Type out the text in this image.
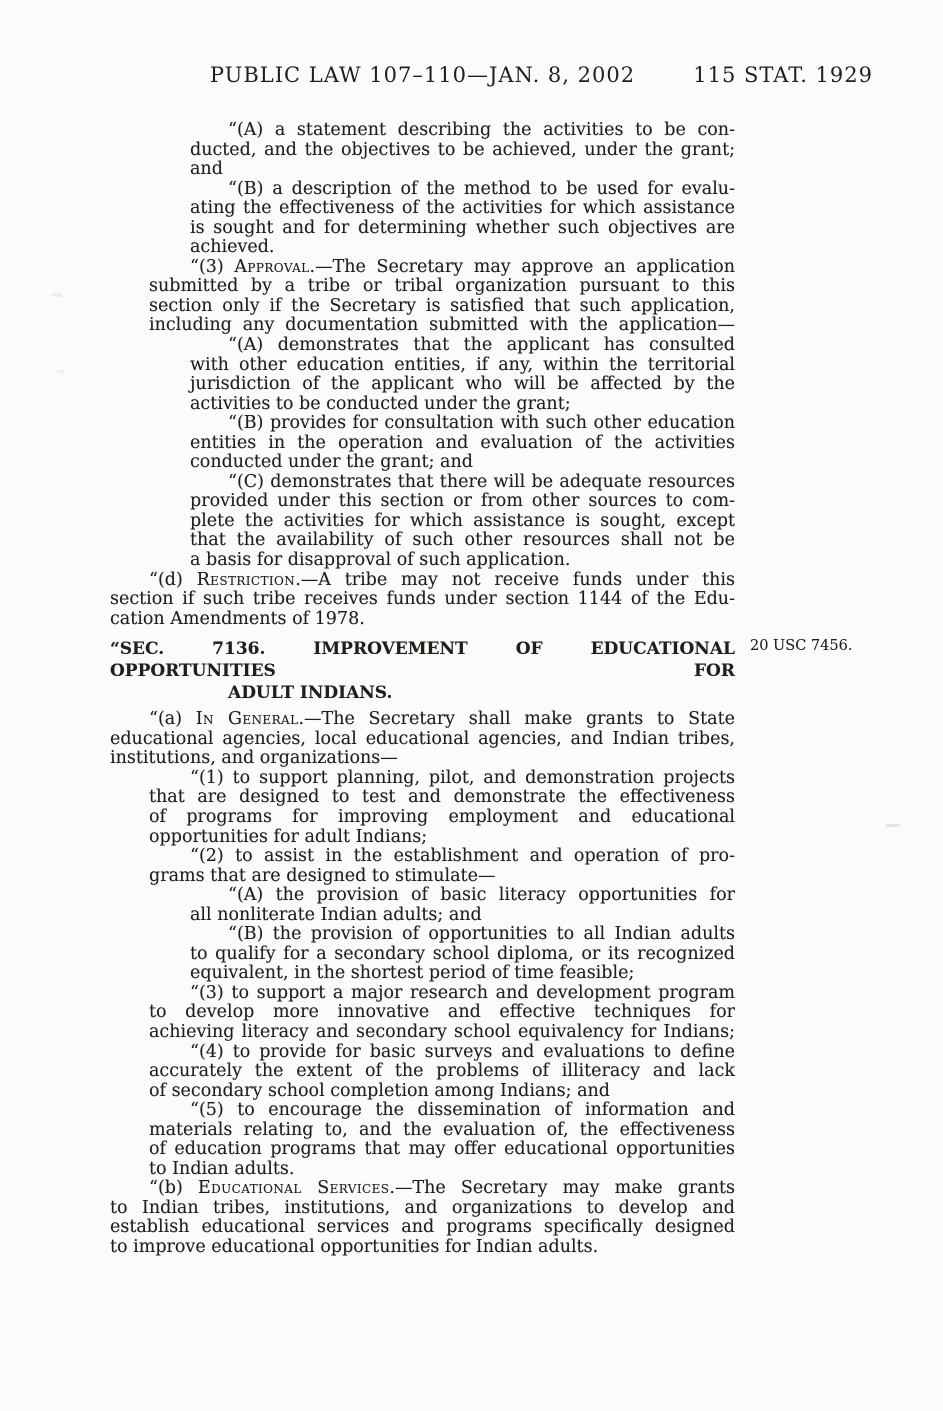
PUBLIC LAW 107–110—JAN. 8, 2002	115 STAT. 1929
“(A) a statement describing the activities to be con-
ducted, and the objectives to be achieved, under the grant;
and
“(B) a description of the method to be used for evalu-
ating the effectiveness of the activities for which assistance
is sought and for determining whether such objectives are
achieved.
“(3) Approval.—The Secretary may approve an application
submitted by a tribe or tribal organization pursuant to this
section only if the Secretary is satisfied that such application,
including any documentation submitted with the application—
“(A) demonstrates that the applicant has consulted
with other education entities, if any, within the territorial
jurisdiction of the applicant who will be affected by the
activities to be conducted under the grant;
“(B) provides for consultation with such other education
entities in the operation and evaluation of the activities
conducted under the grant; and
“(C) demonstrates that there will be adequate resources
provided under this section or from other sources to com-
plete the activities for which assistance is sought, except
that the availability of such other resources shall not be
a basis for disapproval of such application.
“(d) Restriction.—A tribe may not receive funds under this
section if such tribe receives funds under section 1144 of the Edu-
cation Amendments of 1978.
“SEC. 7136. IMPROVEMENT OF EDUCATIONAL OPPORTUNITIES FOR
ADULT INDIANS.
“(a) In General.—The Secretary shall make grants to State
educational agencies, local educational agencies, and Indian tribes,
institutions, and organizations—
“(1) to support planning, pilot, and demonstration projects
that are designed to test and demonstrate the effectiveness
of programs for improving employment and educational
opportunities for adult Indians;
“(2) to assist in the establishment and operation of pro-
grams that are designed to stimulate—
“(A) the provision of basic literacy opportunities for
all nonliterate Indian adults; and
“(B) the provision of opportunities to all Indian adults
to qualify for a secondary school diploma, or its recognized
equivalent, in the shortest period of time feasible;
“(3) to support a major research and development program
to develop more innovative and effective techniques for
achieving literacy and secondary school equivalency for Indians;
“(4) to provide for basic surveys and evaluations to define
accurately the extent of the problems of illiteracy and lack
of secondary school completion among Indians; and
“(5) to encourage the dissemination of information and
materials relating to, and the evaluation of, the effectiveness
of education programs that may offer educational opportunities
to Indian adults.
“(b) Educational Services.—The Secretary may make grants
to Indian tribes, institutions, and organizations to develop and
establish educational services and programs specifically designed
to improve educational opportunities for Indian adults.
20 USC 7456.
